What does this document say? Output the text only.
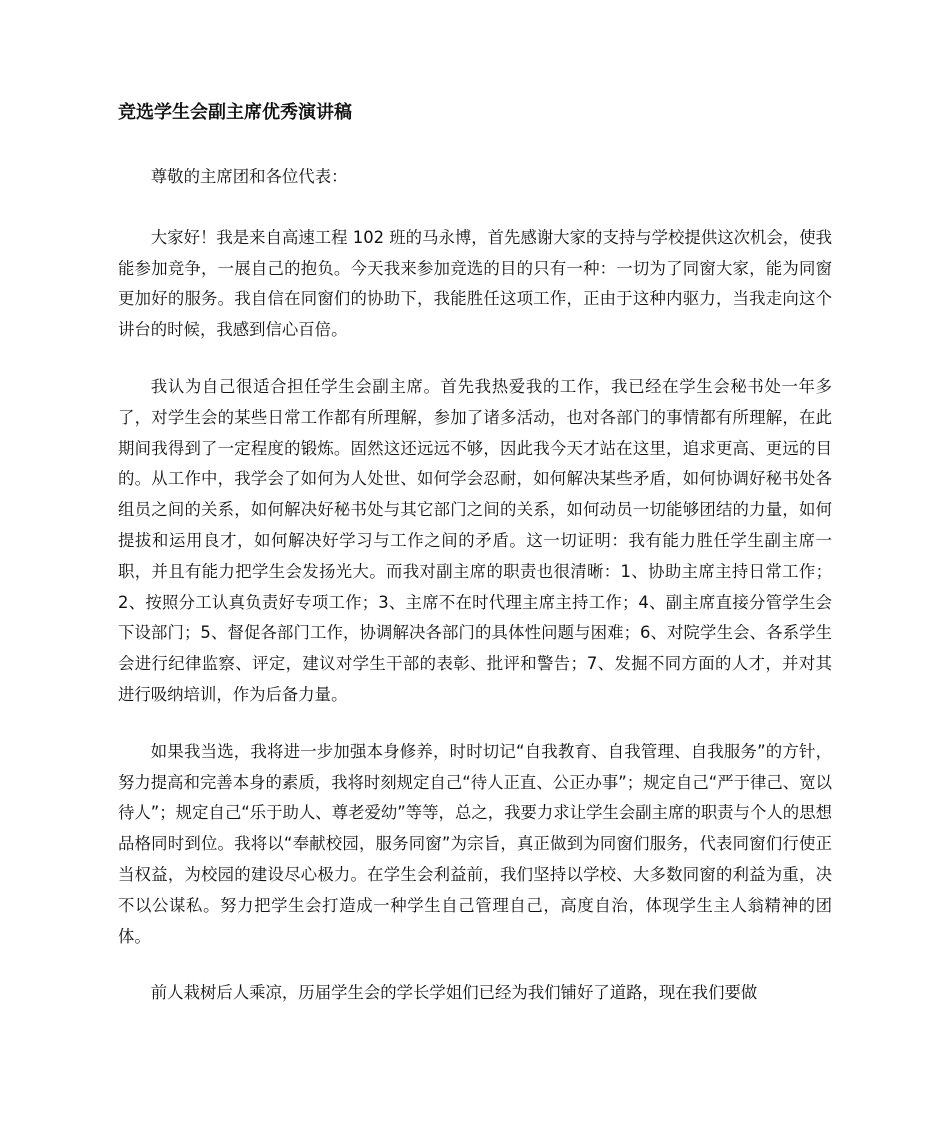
竞选学生会副主席优秀演讲稿

尊敬的主席团和各位代表：

大家好！我是来自高速工程 102 班的马永博，首先感谢大家的支持与学校提供这次机会，使我能参加竞争，一展自己的抱负。今天我来参加竞选的目的只有一种：一切为了同窗大家，能为同窗更加好的服务。我自信在同窗们的协助下，我能胜任这项工作，正由于这种内驱力，当我走向这个讲台的时候，我感到信心百倍。

我认为自己很适合担任学生会副主席。首先我热爱我的工作，我已经在学生会秘书处一年多了，对学生会的某些日常工作都有所理解，参加了诸多活动，也对各部门的事情都有所理解，在此期间我得到了一定程度的锻炼。固然这还远远不够，因此我今天才站在这里，追求更高、更远的目的。从工作中，我学会了如何为人处世、如何学会忍耐，如何解决某些矛盾，如何协调好秘书处各组员之间的关系，如何解决好秘书处与其它部门之间的关系，如何动员一切能够团结的力量，如何提拔和运用良才，如何解决好学习与工作之间的矛盾。这一切证明：我有能力胜任学生副主席一职，并且有能力把学生会发扬光大。而我对副主席的职责也很清晰：1、协助主席主持日常工作；2、按照分工认真负责好专项工作；3、主席不在时代理主席主持工作；4、副主席直接分管学生会下设部门；5、督促各部门工作，协调解决各部门的具体性问题与困难；6、对院学生会、各系学生会进行纪律监察、评定，建议对学生干部的表彰、批评和警告；7、发掘不同方面的人才，并对其进行吸纳培训，作为后备力量。

如果我当选，我将进一步加强本身修养，时时切记“自我教育、自我管理、自我服务”的方针，努力提高和完善本身的素质，我将时刻规定自己“待人正直、公正办事”；规定自己“严于律己、宽以待人”；规定自己“乐于助人、尊老爱幼”等等，总之，我要力求让学生会副主席的职责与个人的思想品格同时到位。我将以“奉献校园，服务同窗”为宗旨，真正做到为同窗们服务，代表同窗们行使正当权益，为校园的建设尽心极力。在学生会利益前，我们坚持以学校、大多数同窗的利益为重，决不以公谋私。努力把学生会打造成一种学生自己管理自己，高度自治，体现学生主人翁精神的团体。

前人栽树后人乘凉，历届学生会的学长学姐们已经为我们铺好了道路，现在我们要做
